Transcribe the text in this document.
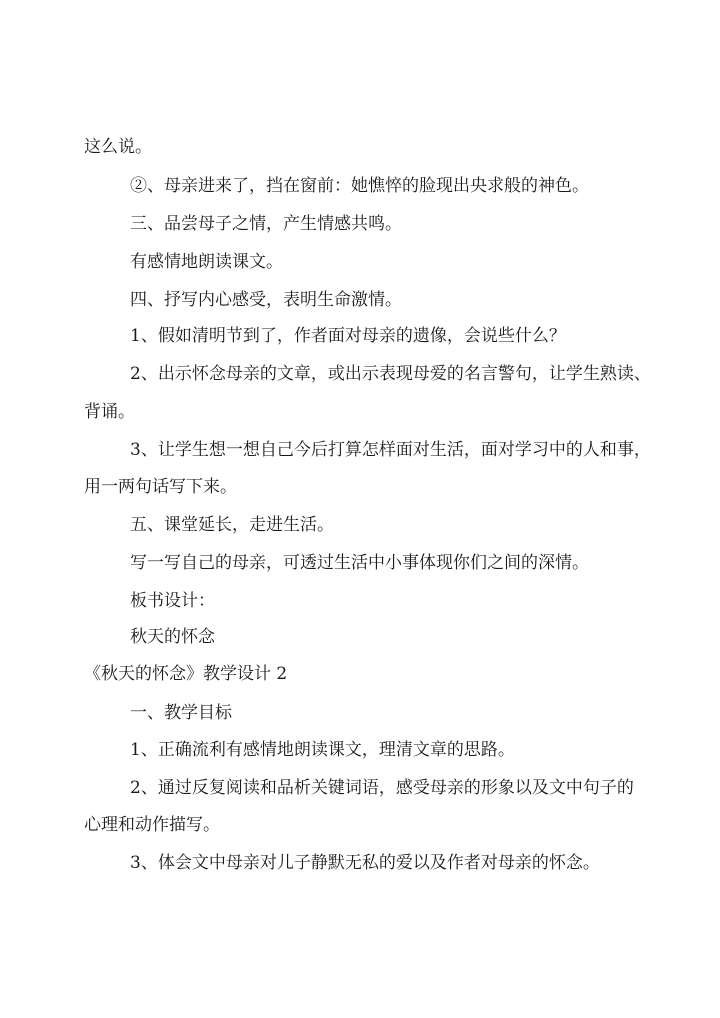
这么说。

②、母亲进来了，挡在窗前：她憔悴的脸现出央求般的神色。

三、品尝母子之情，产生情感共鸣。

有感情地朗读课文。

四、抒写内心感受，表明生命激情。

1、假如清明节到了，作者面对母亲的遗像，会说些什么？

2、出示怀念母亲的文章，或出示表现母爱的名言警句，让学生熟读、

背诵。

3、让学生想一想自己今后打算怎样面对生活，面对学习中的人和事，

用一两句话写下来。

五、课堂延长，走进生活。

写一写自己的母亲，可透过生活中小事体现你们之间的深情。

板书设计：

秋天的怀念

《秋天的怀念》教学设计 2

一、教学目标

1、正确流利有感情地朗读课文，理清文章的思路。

2、通过反复阅读和品析关键词语，感受母亲的形象以及文中句子的

心理和动作描写。

3、体会文中母亲对儿子静默无私的爱以及作者对母亲的怀念。
